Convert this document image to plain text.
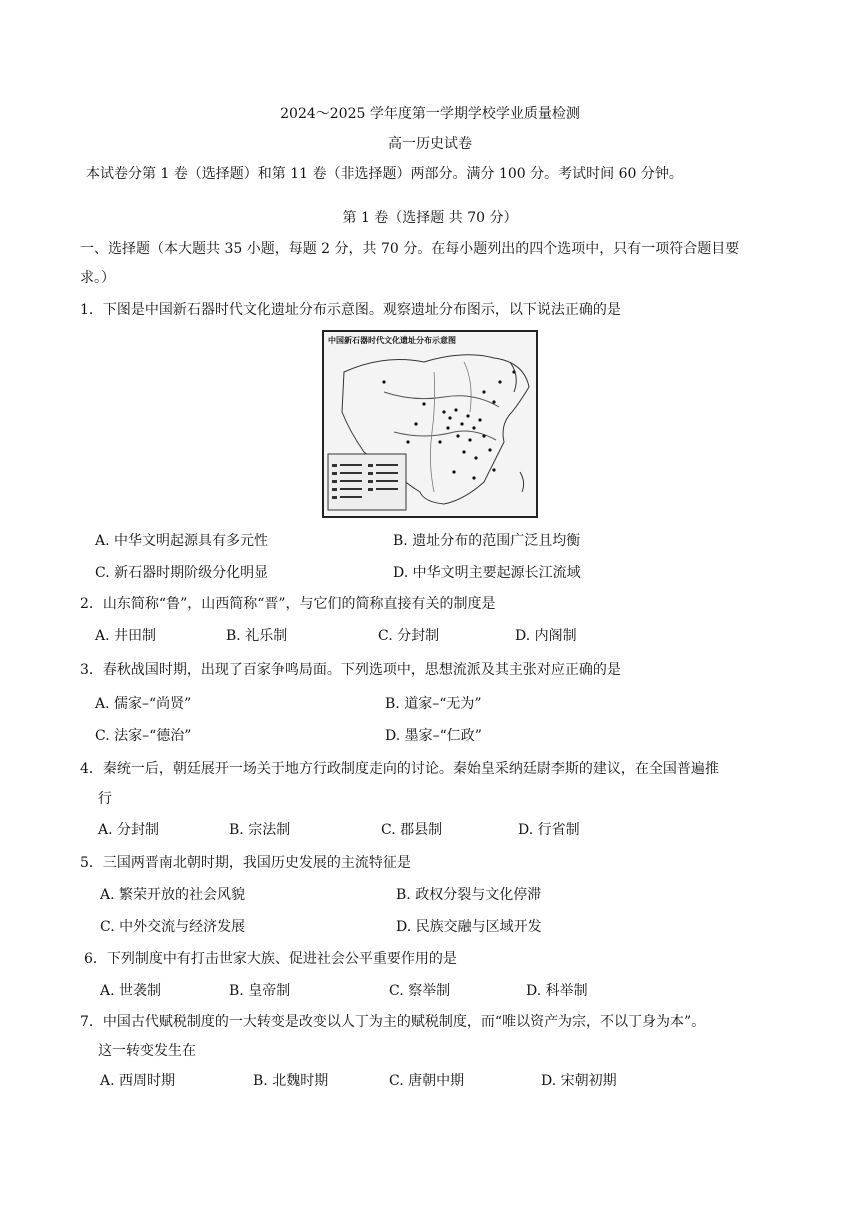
2024～2025 学年度第一学期学校学业质量检测
高一历史试卷
本试卷分第 1 卷（选择题）和第 11 卷（非选择题）两部分。满分 100 分。考试时间 60 分钟。
第 1 卷（选择题 共 70 分）
一、选择题（本大题共 35 小题，每题 2 分，共 70 分。在每小题列出的四个选项中，只有一项符合题目要
求。）
1．下图是中国新石器时代文化遗址分布示意图。观察遗址分布图示，以下说法正确的是
中国新石器时代文化遗址分布示意图
A. 中华文明起源具有多元性	B. 遗址分布的范围广泛且均衡
C. 新石器时期阶级分化明显	D. 中华文明主要起源长江流域
2．山东简称“鲁”，山西简称“晋”，与它们的简称直接有关的制度是
A. 井田制	B. 礼乐制	C. 分封制	D. 内阁制
3．春秋战国时期，出现了百家争鸣局面。下列选项中，思想流派及其主张对应正确的是
A. 儒家–“尚贤”	B. 道家–“无为”
C. 法家–“德治”	D. 墨家–“仁政”
4．秦统一后，朝廷展开一场关于地方行政制度走向的讨论。秦始皇采纳廷尉李斯的建议，在全国普遍推
行
A. 分封制	B. 宗法制	C. 郡县制	D. 行省制
5．三国两晋南北朝时期，我国历史发展的主流特征是
A. 繁荣开放的社会风貌	B. 政权分裂与文化停滞
C. 中外交流与经济发展	D. 民族交融与区域开发
6．下列制度中有打击世家大族、促进社会公平重要作用的是
A. 世袭制	B. 皇帝制	C. 察举制	D. 科举制
7．中国古代赋税制度的一大转变是改变以人丁为主的赋税制度，而“唯以资产为宗，不以丁身为本”。
这一转变发生在
A. 西周时期	B. 北魏时期	C. 唐朝中期	D. 宋朝初期
